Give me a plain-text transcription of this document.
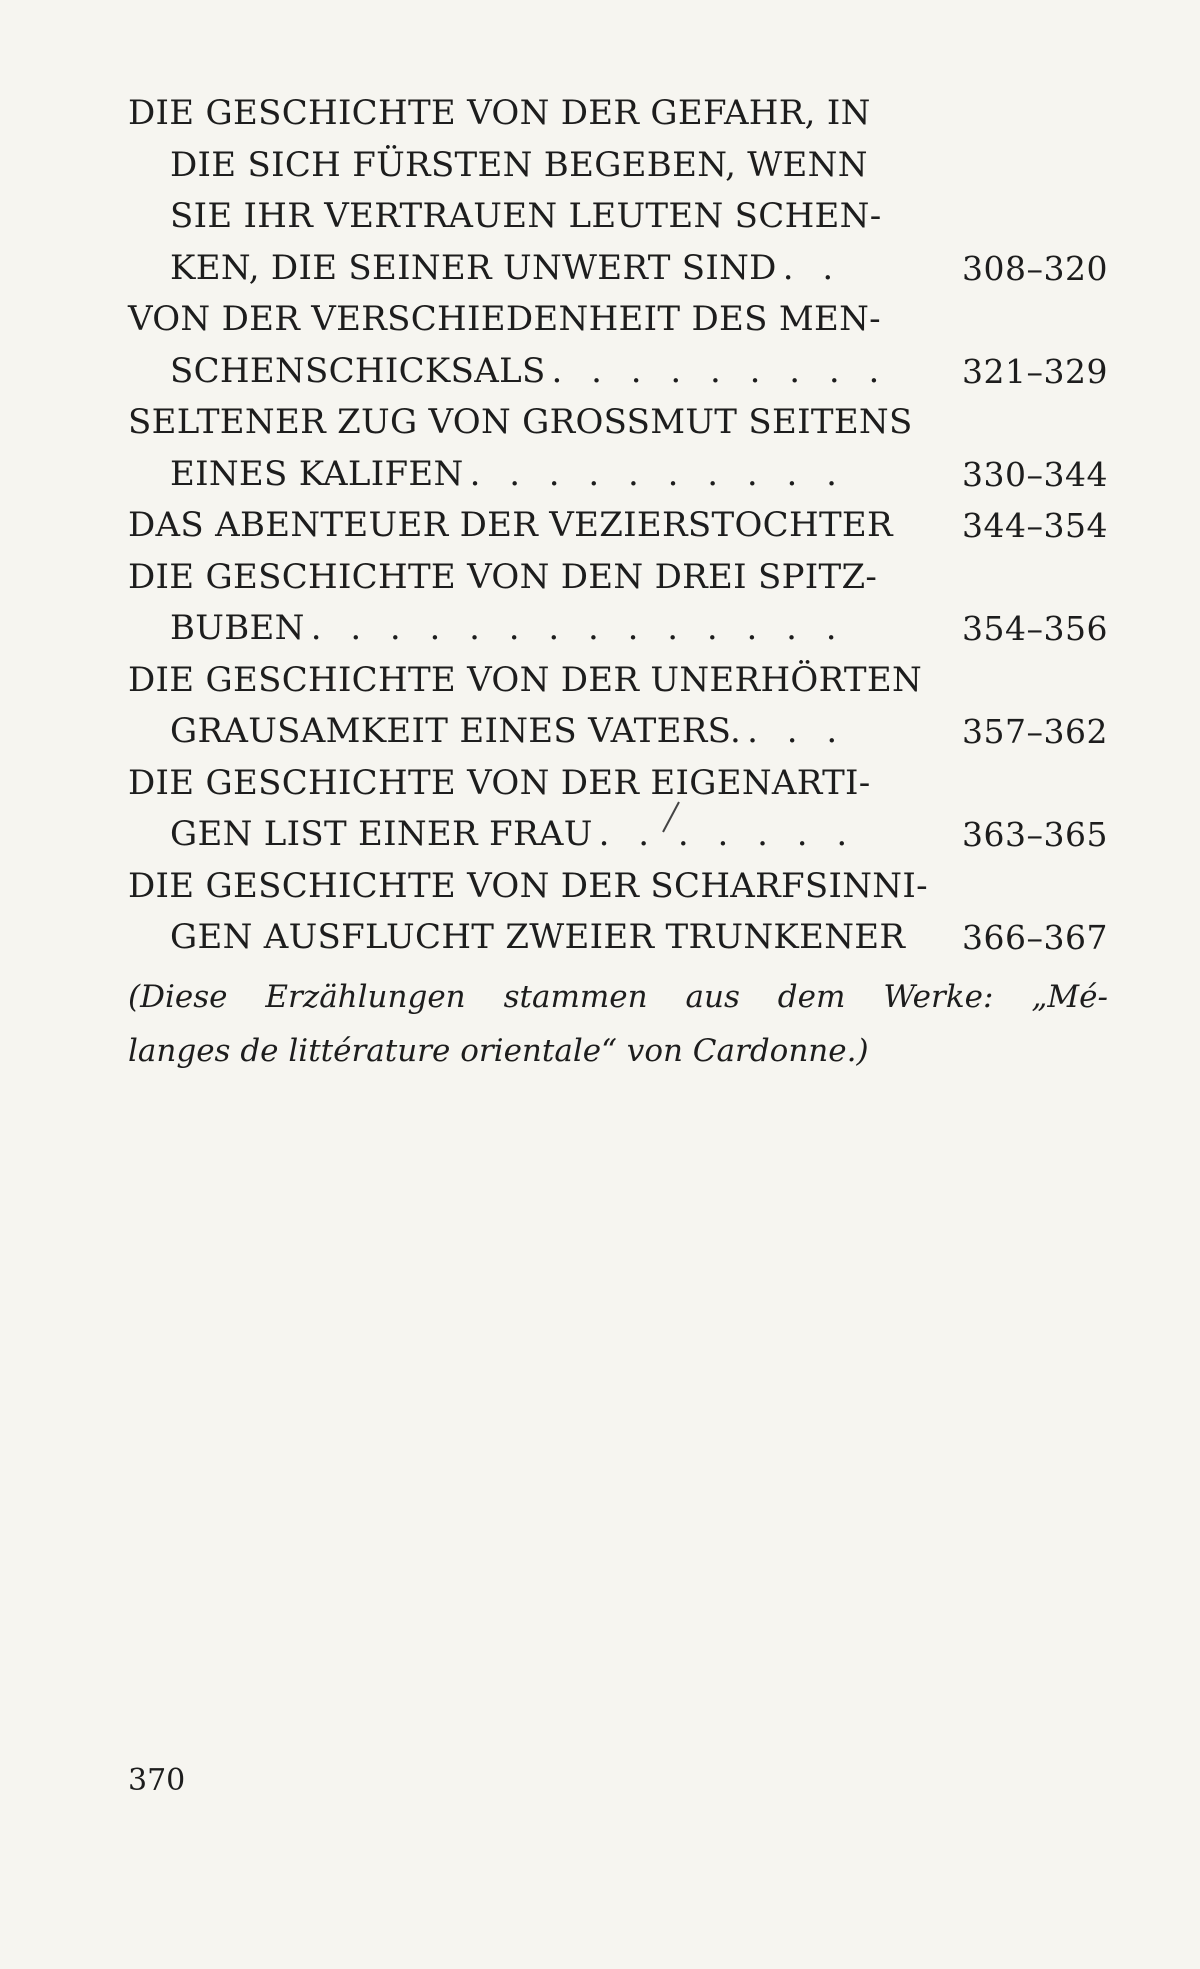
DIE GESCHICHTE VON DER GEFAHR, IN
DIE SICH FÜRSTEN BEGEBEN, WENN
SIE IHR VERTRAUEN LEUTEN SCHEN-
KEN, DIE SEINER UNWERT SIND . .	308–320
VON DER VERSCHIEDENHEIT DES MEN-
SCHENSCHICKSALS . . . . . . . . . 321–329
SELTENER ZUG VON GROSSMUT SEITENS
EINES KALIFEN . . . . . . . . . .	330–344
DAS ABENTEUER DER VEZIERSTOCHTER 344–354
DIE GESCHICHTE VON DEN DREI SPITZ-
BUBEN . . . . . . . . . . . . . .	354–356
DIE GESCHICHTE VON DER UNERHÖRTEN
GRAUSAMKEIT EINES VATERS. . . .	357–362
DIE GESCHICHTE VON DER EIGENARTI-
GEN LIST EINER FRAU . . . . . . .	363–365
DIE GESCHICHTE VON DER SCHARFSINNI-
GEN AUSFLUCHT ZWEIER TRUNKENER 366–367
(Diese Erzählungen stammen aus dem Werke: „Mé-
langes de littérature orientale“ von Cardonne.)
370
